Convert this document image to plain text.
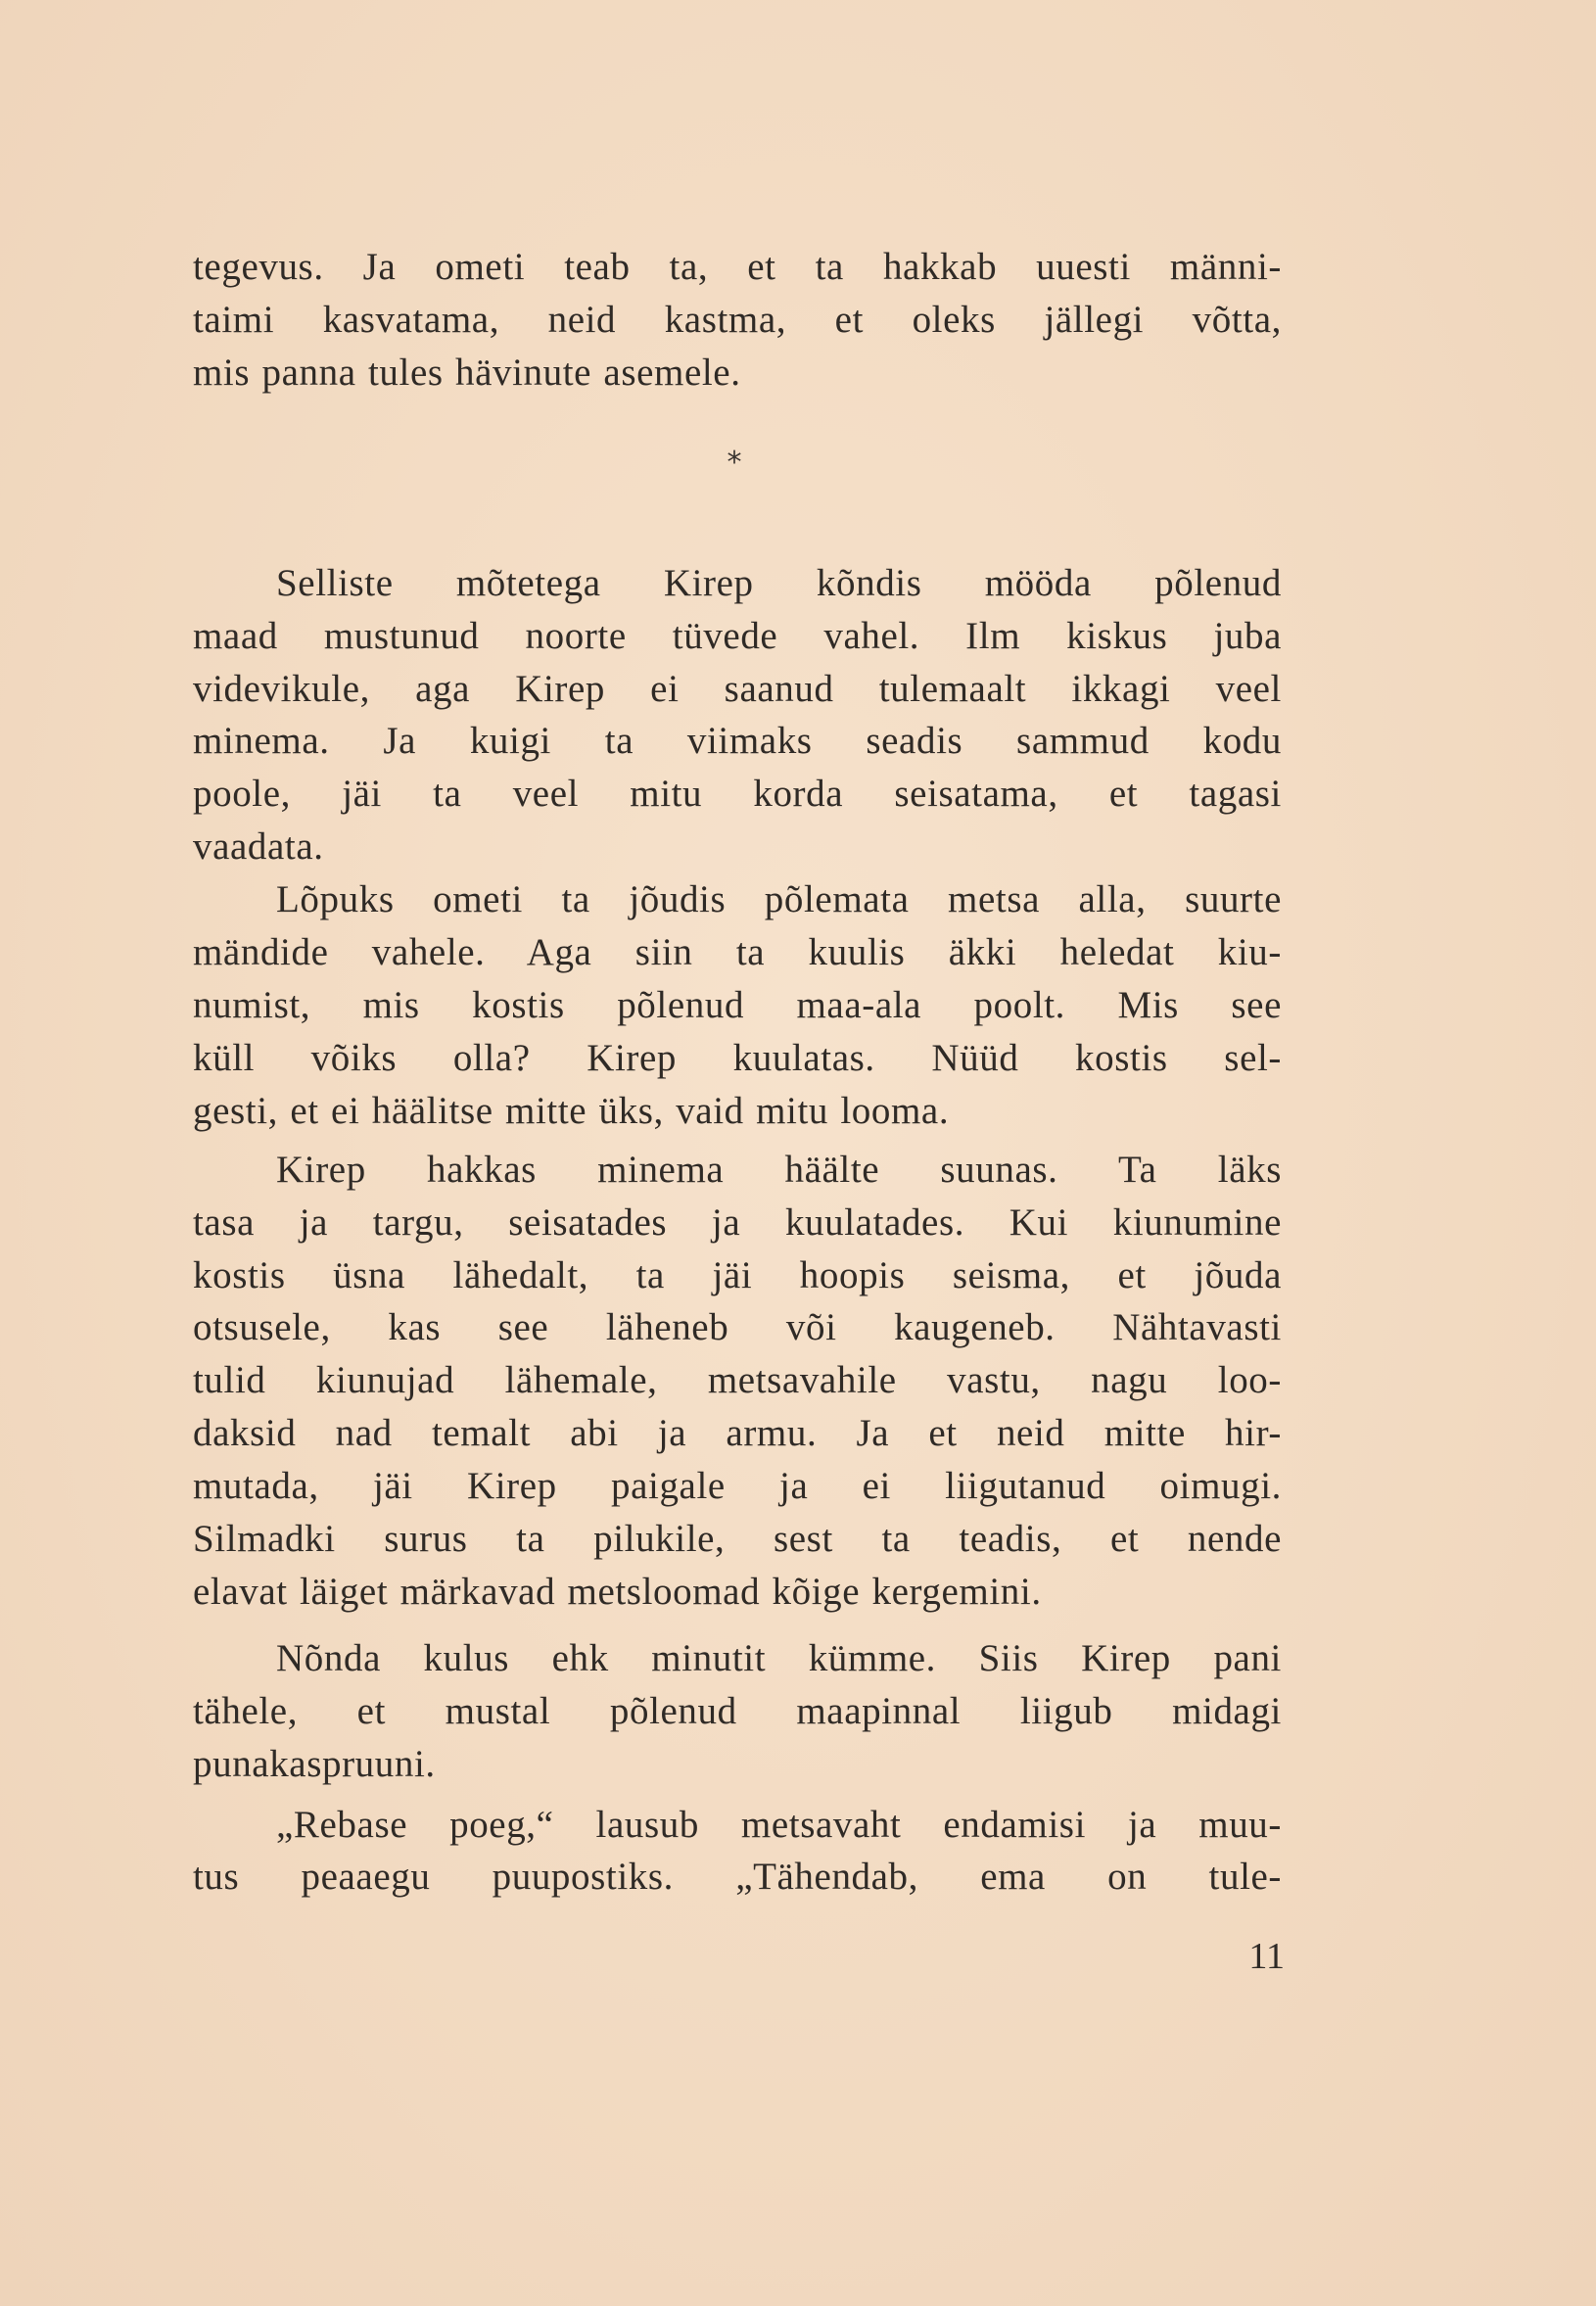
tegevus. Ja ometi teab ta, et ta hakkab uuesti männi-
taimi kasvatama, neid kastma, et oleks jällegi võtta,
mis panna tules hävinute asemele.
Selliste mõtetega Kirep kõndis mööda põlenud
maad mustunud noorte tüvede vahel. Ilm kiskus juba
videvikule, aga Kirep ei saanud tulemaalt ikkagi veel
minema. Ja kuigi ta viimaks seadis sammud kodu
poole, jäi ta veel mitu korda seisatama, et tagasi
vaadata.
Lõpuks ometi ta jõudis põlemata metsa alla, suurte
mändide vahele. Aga siin ta kuulis äkki heledat kiu-
numist, mis kostis põlenud maa-ala poolt. Mis see
küll võiks olla? Kirep kuulatas. Nüüd kostis sel-
gesti, et ei häälitse mitte üks, vaid mitu looma.
Kirep hakkas minema häälte suunas. Ta läks
tasa ja targu, seisatades ja kuulatades. Kui kiunumine
kostis üsna lähedalt, ta jäi hoopis seisma, et jõuda
otsusele, kas see läheneb või kaugeneb. Nähtavasti
tulid kiunujad lähemale, metsavahile vastu, nagu loo-
daksid nad temalt abi ja armu. Ja et neid mitte hir-
mutada, jäi Kirep paigale ja ei liigutanud oimugi.
Silmadki surus ta pilukile, sest ta teadis, et nende
elavat läiget märkavad metsloomad kõige kergemini.
Nõnda kulus ehk minutit kümme. Siis Kirep pani
tähele, et mustal põlenud maapinnal liigub midagi
punakaspruuni.
„Rebase poeg,“ lausub metsavaht endamisi ja muu-
tus peaaegu puupostiks. „Tähendab, ema on tule-
*
11
